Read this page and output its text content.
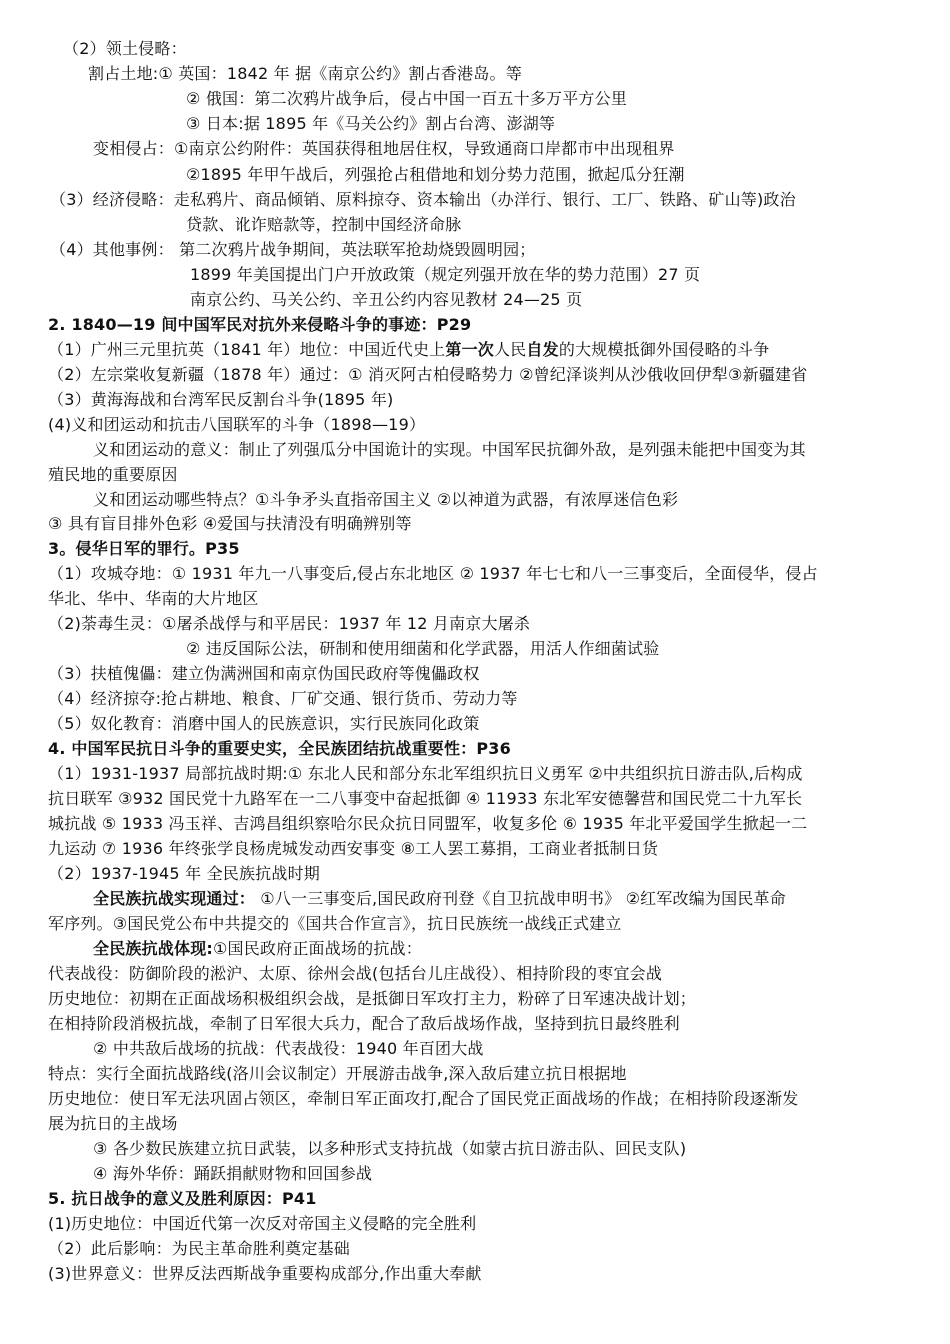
（2）领土侵略：
割占土地:① 英国：1842 年 据《南京公约》割占香港岛。等
② 俄国：第二次鸦片战争后，侵占中国一百五十多万平方公里
③ 日本:据 1895 年《马关公约》割占台湾、澎湖等
变相侵占：①南京公约附件：英国获得租地居住权，导致通商口岸都市中出现租界
②1895 年甲午战后，列强抢占租借地和划分势力范围，掀起瓜分狂潮
（3）经济侵略：走私鸦片、商品倾销、原料掠夺、资本输出（办洋行、银行、工厂、铁路、矿山等)政治
贷款、讹诈赔款等，控制中国经济命脉
（4）其他事例： 第二次鸦片战争期间，英法联军抢劫烧毁圆明园；
1899 年美国提出门户开放政策（规定列强开放在华的势力范围）27 页
南京公约、马关公约、辛丑公约内容见教材 24—25 页
2. 1840—19 间中国军民对抗外来侵略斗争的事迹：P29
（1）广州三元里抗英（1841 年）地位：中国近代史上第一次人民自发的大规模抵御外国侵略的斗争
（2）左宗棠收复新疆（1878 年）通过：① 消灭阿古柏侵略势力 ②曾纪泽谈判从沙俄收回伊犁③新疆建省
（3）黄海海战和台湾军民反割台斗争(1895 年)
(4)义和团运动和抗击八国联军的斗争（1898—19）
义和团运动的意义：制止了列强瓜分中国诡计的实现。中国军民抗御外敌，是列强未能把中国变为其
殖民地的重要原因
义和团运动哪些特点？①斗争矛头直指帝国主义 ②以神道为武器，有浓厚迷信色彩
③ 具有盲目排外色彩 ④爱国与扶清没有明确辨别等
3。侵华日军的罪行。P35
（1）攻城夺地：① 1931 年九一八事变后,侵占东北地区 ② 1937 年七七和八一三事变后，全面侵华，侵占
华北、华中、华南的大片地区
（2)荼毒生灵：①屠杀战俘与和平居民：1937 年 12 月南京大屠杀
② 违反国际公法，研制和使用细菌和化学武器，用活人作细菌试验
（3）扶植傀儡：建立伪满洲国和南京伪国民政府等傀儡政权
（4）经济掠夺:抢占耕地、粮食、厂矿交通、银行货币、劳动力等
（5）奴化教育：消磨中国人的民族意识，实行民族同化政策
4. 中国军民抗日斗争的重要史实，全民族团结抗战重要性：P36
（1）1931-1937 局部抗战时期:① 东北人民和部分东北军组织抗日义勇军 ②中共组织抗日游击队,后构成
抗日联军 ③932 国民党十九路军在一二八事变中奋起抵御 ④ 11933 东北军安德馨营和国民党二十九军长
城抗战 ⑤ 1933 冯玉祥、吉鸿昌组织察哈尔民众抗日同盟军，收复多伦 ⑥ 1935 年北平爱国学生掀起一二
九运动 ⑦ 1936 年终张学良杨虎城发动西安事变 ⑧工人罢工募捐，工商业者抵制日货
（2）1937-1945 年 全民族抗战时期
全民族抗战实现通过： ①八一三事变后,国民政府刊登《自卫抗战申明书》 ②红军改编为国民革命
军序列。③国民党公布中共提交的《国共合作宣言》，抗日民族统一战线正式建立
全民族抗战体现:①国民政府正面战场的抗战：
代表战役：防御阶段的淞沪、太原、徐州会战(包括台儿庄战役）、相持阶段的枣宜会战
历史地位：初期在正面战场积极组织会战，是抵御日军攻打主力，粉碎了日军速决战计划；
在相持阶段消极抗战，牵制了日军很大兵力，配合了敌后战场作战，坚持到抗日最终胜利
② 中共敌后战场的抗战：代表战役：1940 年百团大战
特点：实行全面抗战路线(洛川会议制定）开展游击战争,深入敌后建立抗日根据地
历史地位：使日军无法巩固占领区，牵制日军正面攻打,配合了国民党正面战场的作战；在相持阶段逐渐发
展为抗日的主战场
③ 各少数民族建立抗日武装，以多种形式支持抗战（如蒙古抗日游击队、回民支队)
④ 海外华侨：踊跃捐献财物和回国参战
5. 抗日战争的意义及胜利原因：P41
(1)历史地位：中国近代第一次反对帝国主义侵略的完全胜利
（2）此后影响：为民主革命胜利奠定基础
(3)世界意义：世界反法西斯战争重要构成部分,作出重大奉献
